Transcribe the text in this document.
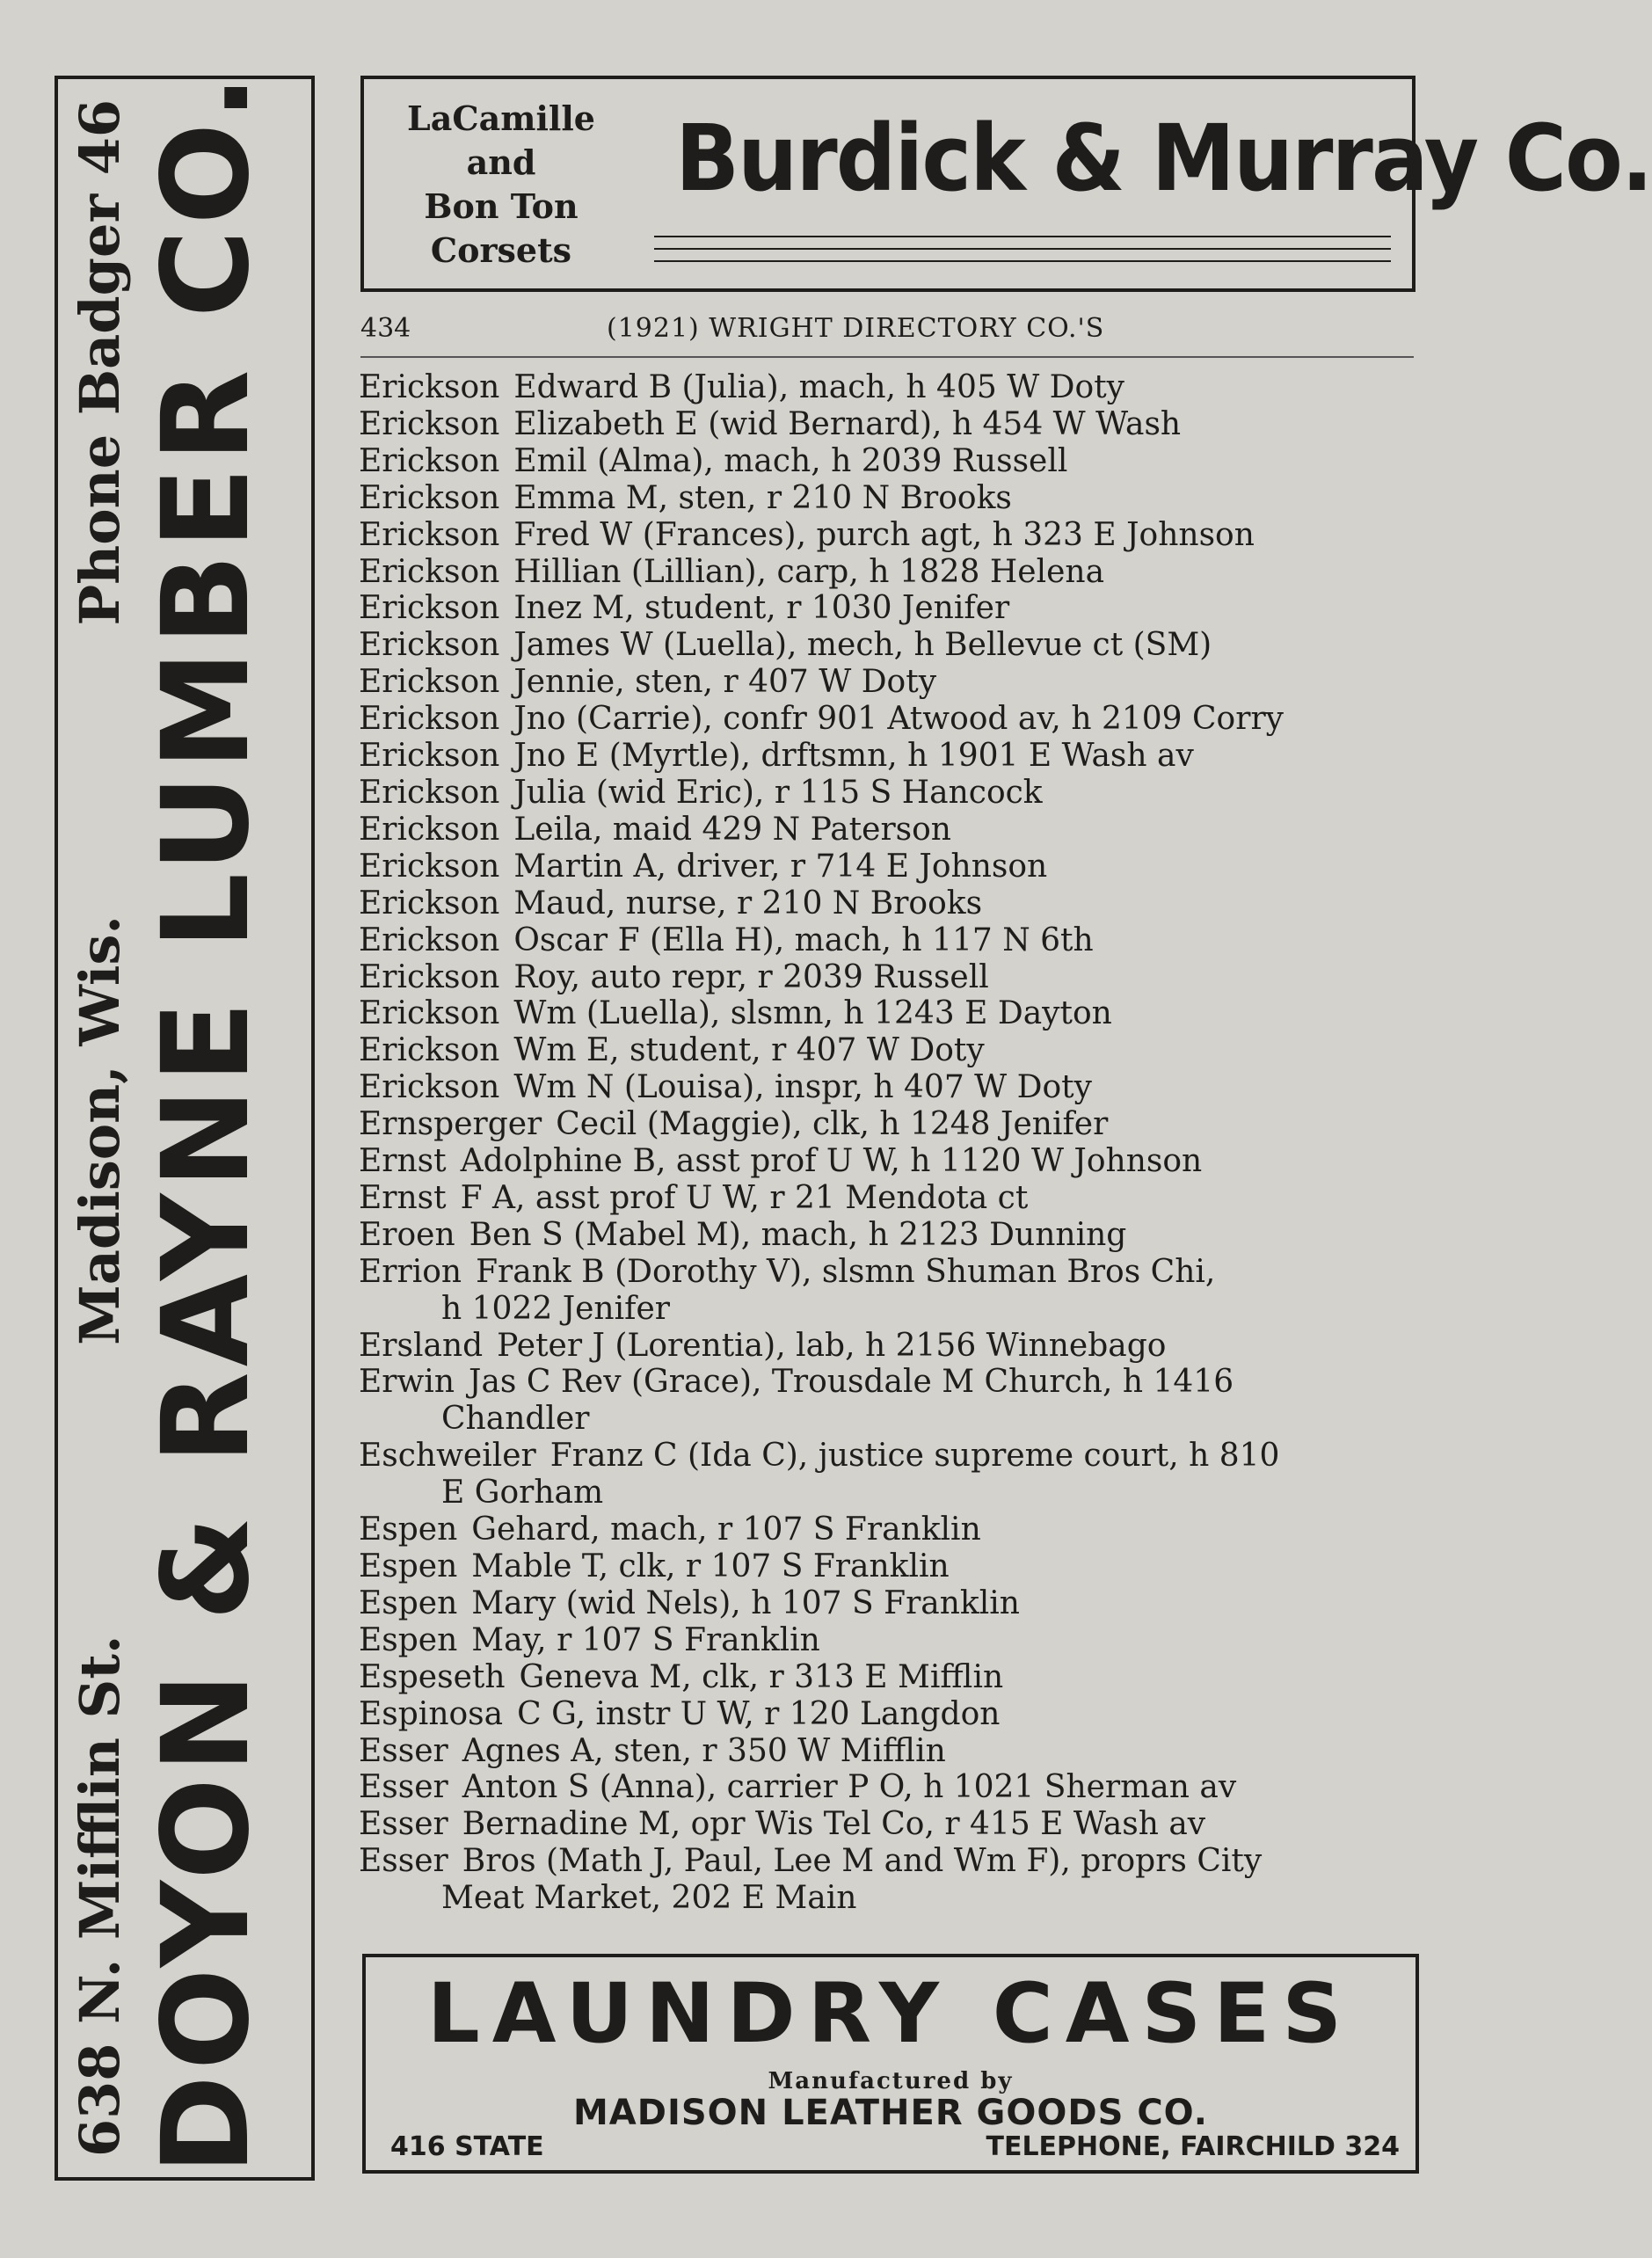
638 N. Mifflin St.
Madison, Wis.
Phone Badger 46 DOYON & RAYNE LUMBER CO.	LaCamille
and
Bon Ton
Corsets
Burdick & Murray Co.
434	(1921) WRIGHT DIRECTORY CO.'S
Erickson Edward B (Julia), mach, h 405 W Doty
Erickson Elizabeth E (wid Bernard), h 454 W Wash
Erickson Emil (Alma), mach, h 2039 Russell
Erickson Emma M, sten, r 210 N Brooks
Erickson Fred W (Frances), purch agt, h 323 E Johnson
Erickson Hillian (Lillian), carp, h 1828 Helena
Erickson Inez M, student, r 1030 Jenifer
Erickson James W (Luella), mech, h Bellevue ct (SM)
Erickson Jennie, sten, r 407 W Doty
Erickson Jno (Carrie), confr 901 Atwood av, h 2109 Corry
Erickson Jno E (Myrtle), drftsmn, h 1901 E Wash av
Erickson Julia (wid Eric), r 115 S Hancock
Erickson Leila, maid 429 N Paterson
Erickson Martin A, driver, r 714 E Johnson
Erickson Maud, nurse, r 210 N Brooks
Erickson Oscar F (Ella H), mach, h 117 N 6th
Erickson Roy, auto repr, r 2039 Russell
Erickson Wm (Luella), slsmn, h 1243 E Dayton
Erickson Wm E, student, r 407 W Doty
Erickson Wm N (Louisa), inspr, h 407 W Doty
Ernsperger Cecil (Maggie), clk, h 1248 Jenifer
Ernst Adolphine B, asst prof U W, h 1120 W Johnson
Ernst F A, asst prof U W, r 21 Mendota ct
Eroen Ben S (Mabel M), mach, h 2123 Dunning
Errion Frank B (Dorothy V), slsmn Shuman Bros Chi,
h 1022 Jenifer
Ersland Peter J (Lorentia), lab, h 2156 Winnebago
Erwin Jas C Rev (Grace), Trousdale M Church, h 1416
Chandler
Eschweiler Franz C (Ida C), justice supreme court, h 810
E Gorham
Espen Gehard, mach, r 107 S Franklin
Espen Mable T, clk, r 107 S Franklin
Espen Mary (wid Nels), h 107 S Franklin
Espen May, r 107 S Franklin
Espeseth Geneva M, clk, r 313 E Mifflin
Espinosa C G, instr U W, r 120 Langdon
Esser Agnes A, sten, r 350 W Mifflin
Esser Anton S (Anna), carrier P O, h 1021 Sherman av
Esser Bernadine M, opr Wis Tel Co, r 415 E Wash av
Esser Bros (Math J, Paul, Lee M and Wm F), proprs City
Meat Market, 202 E Main
LAUNDRY CASES
Manufactured by
MADISON LEATHER GOODS CO.
416 STATE	TELEPHONE, FAIRCHILD 324
